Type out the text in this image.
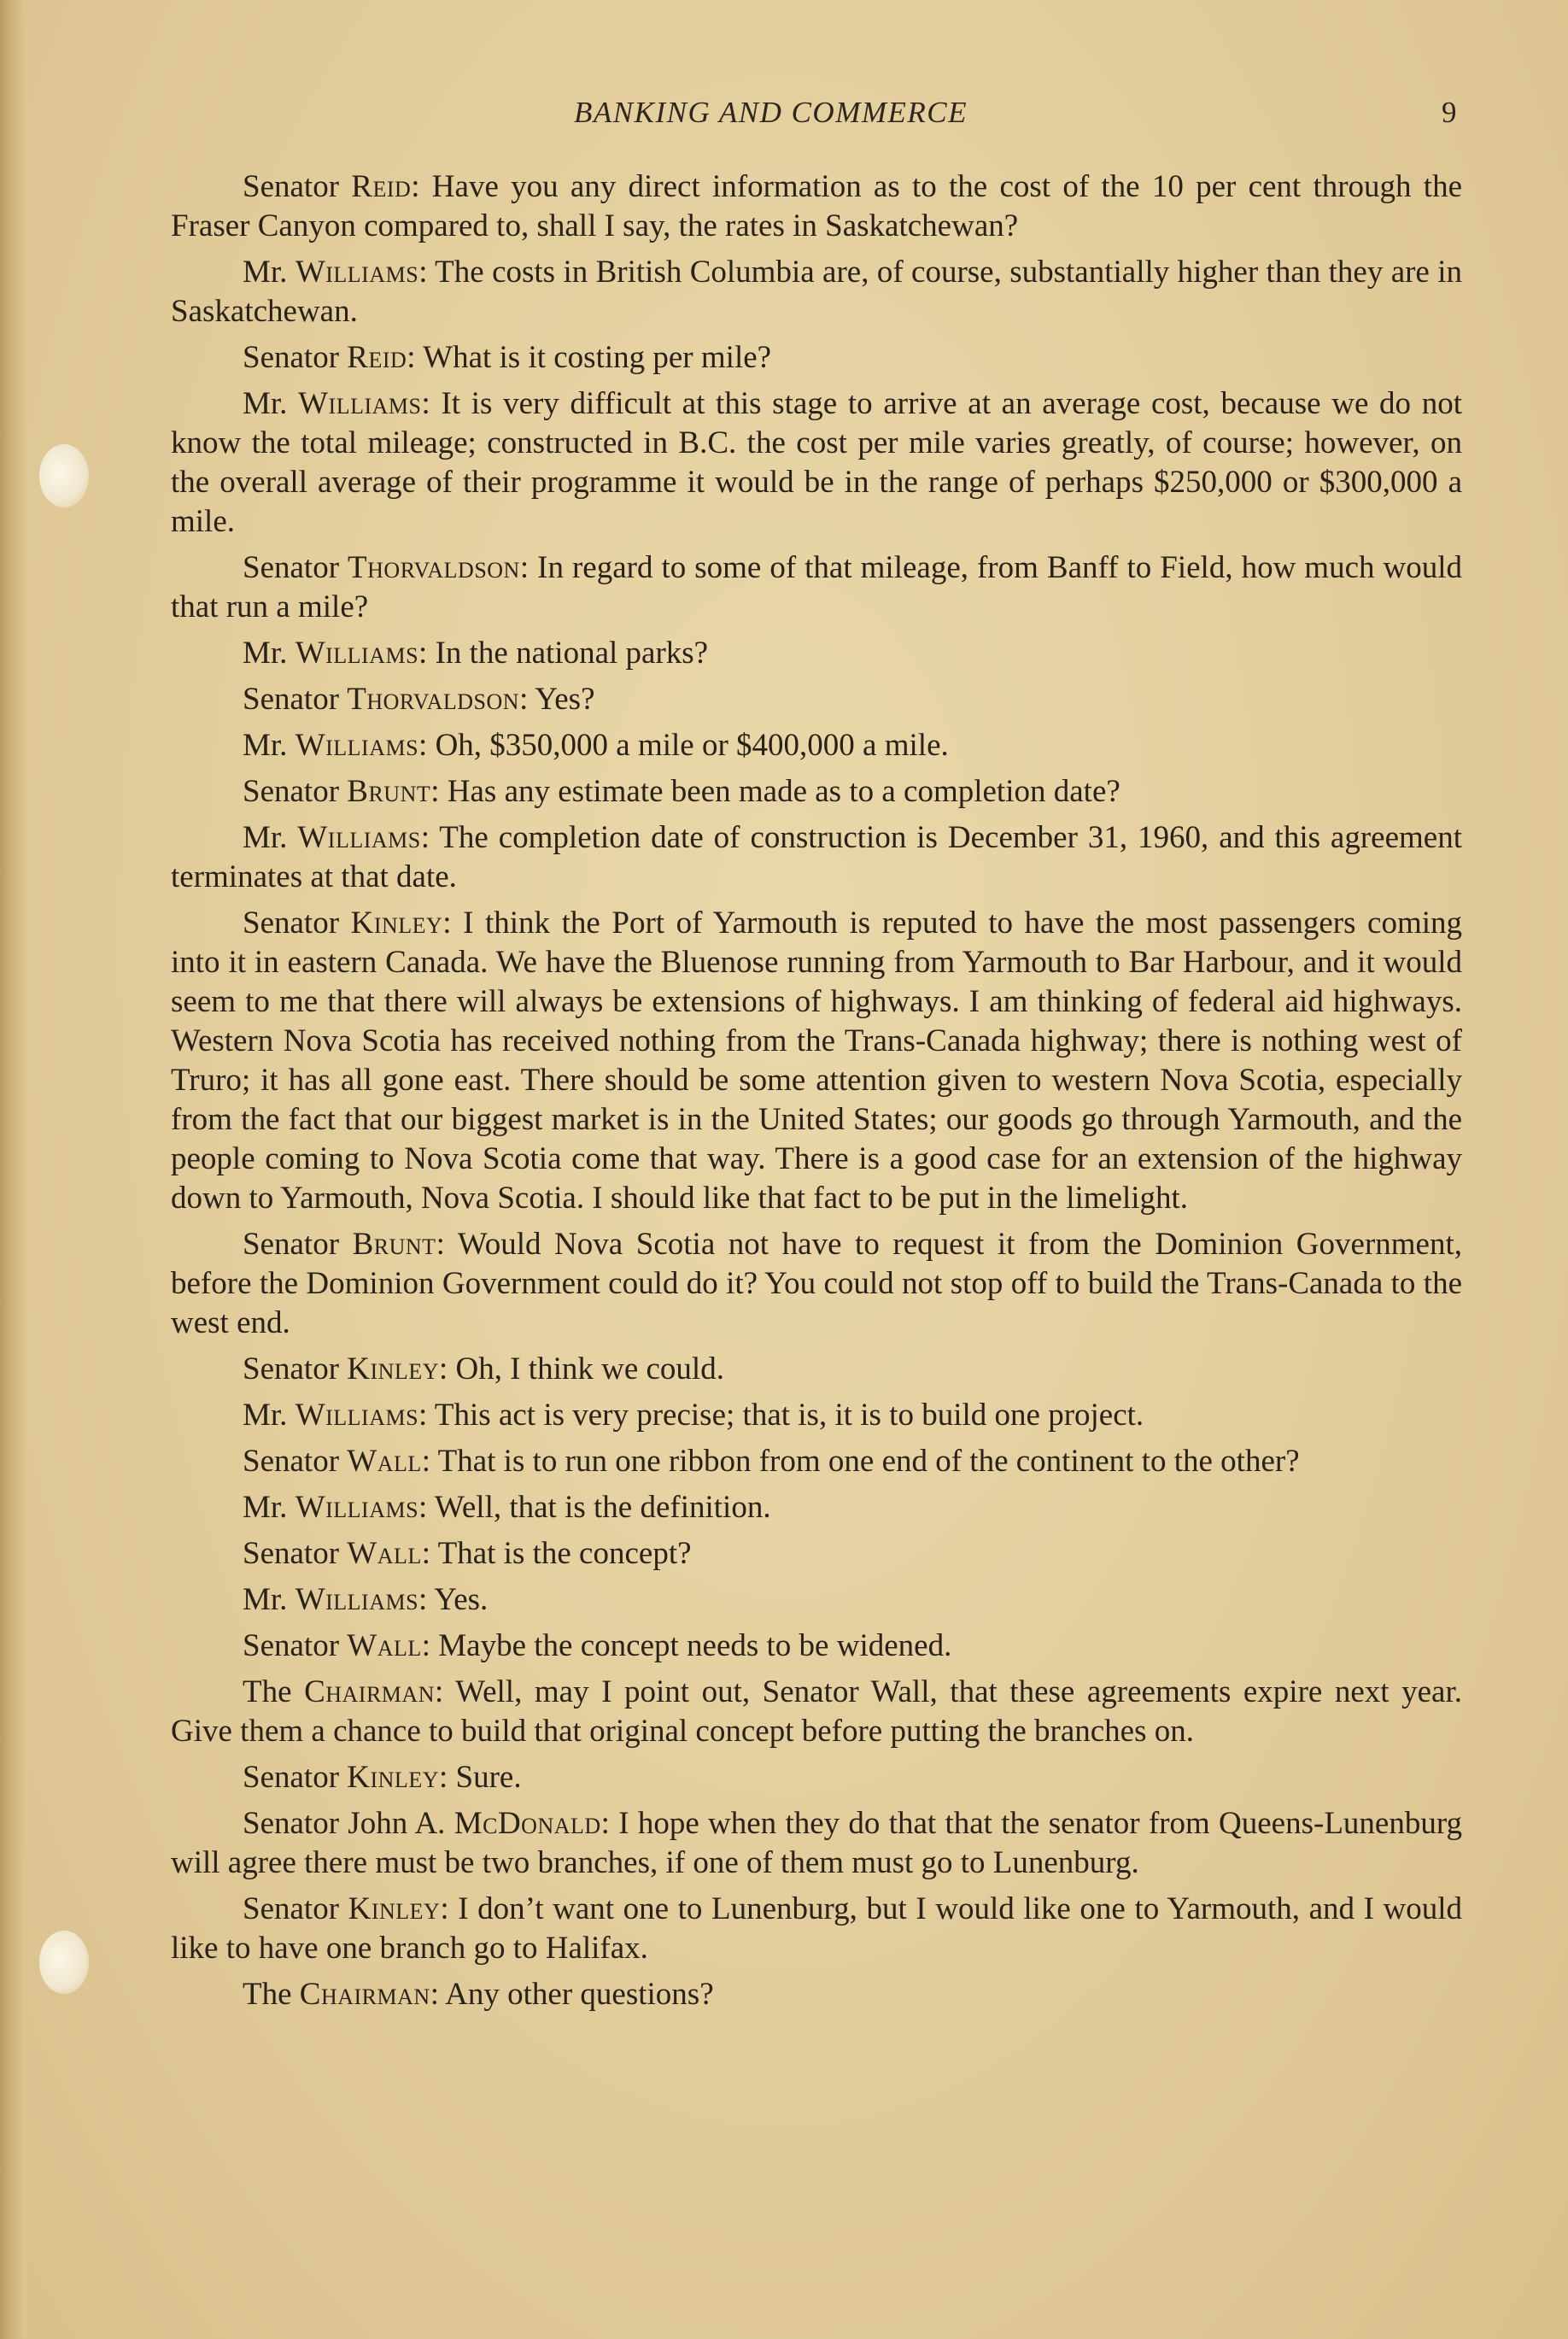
BANKING AND COMMERCE	9

Senator Reid: Have you any direct information as to the cost of the 10 per cent through the Fraser Canyon compared to, shall I say, the rates in Saskatchewan?

Mr. Williams: The costs in British Columbia are, of course, substantially higher than they are in Saskatchewan.

Senator Reid: What is it costing per mile?

Mr. Williams: It is very difficult at this stage to arrive at an average cost, because we do not know the total mileage; constructed in B.C. the cost per mile varies greatly, of course; however, on the overall average of their programme it would be in the range of perhaps $250,000 or $300,000 a mile.

Senator Thorvaldson: In regard to some of that mileage, from Banff to Field, how much would that run a mile?

Mr. Williams: In the national parks?

Senator Thorvaldson: Yes?

Mr. Williams: Oh, $350,000 a mile or $400,000 a mile.

Senator Brunt: Has any estimate been made as to a completion date?

Mr. Williams: The completion date of construction is December 31, 1960, and this agreement terminates at that date.

Senator Kinley: I think the Port of Yarmouth is reputed to have the most passengers coming into it in eastern Canada. We have the Bluenose running from Yarmouth to Bar Harbour, and it would seem to me that there will always be extensions of highways. I am thinking of federal aid highways. Western Nova Scotia has received nothing from the Trans-Canada highway; there is nothing west of Truro; it has all gone east. There should be some attention given to western Nova Scotia, especially from the fact that our biggest market is in the United States; our goods go through Yarmouth, and the people coming to Nova Scotia come that way. There is a good case for an extension of the highway down to Yarmouth, Nova Scotia. I should like that fact to be put in the limelight.

Senator Brunt: Would Nova Scotia not have to request it from the Dominion Government, before the Dominion Government could do it? You could not stop off to build the Trans-Canada to the west end.

Senator Kinley: Oh, I think we could.

Mr. Williams: This act is very precise; that is, it is to build one project.

Senator Wall: That is to run one ribbon from one end of the continent to the other?

Mr. Williams: Well, that is the definition.

Senator Wall: That is the concept?

Mr. Williams: Yes.

Senator Wall: Maybe the concept needs to be widened.

The Chairman: Well, may I point out, Senator Wall, that these agreements expire next year. Give them a chance to build that original concept before putting the branches on.

Senator Kinley: Sure.

Senator John A. McDonald: I hope when they do that that the senator from Queens-Lunenburg will agree there must be two branches, if one of them must go to Lunenburg.

Senator Kinley: I don’t want one to Lunenburg, but I would like one to Yarmouth, and I would like to have one branch go to Halifax.

The Chairman: Any other questions?
